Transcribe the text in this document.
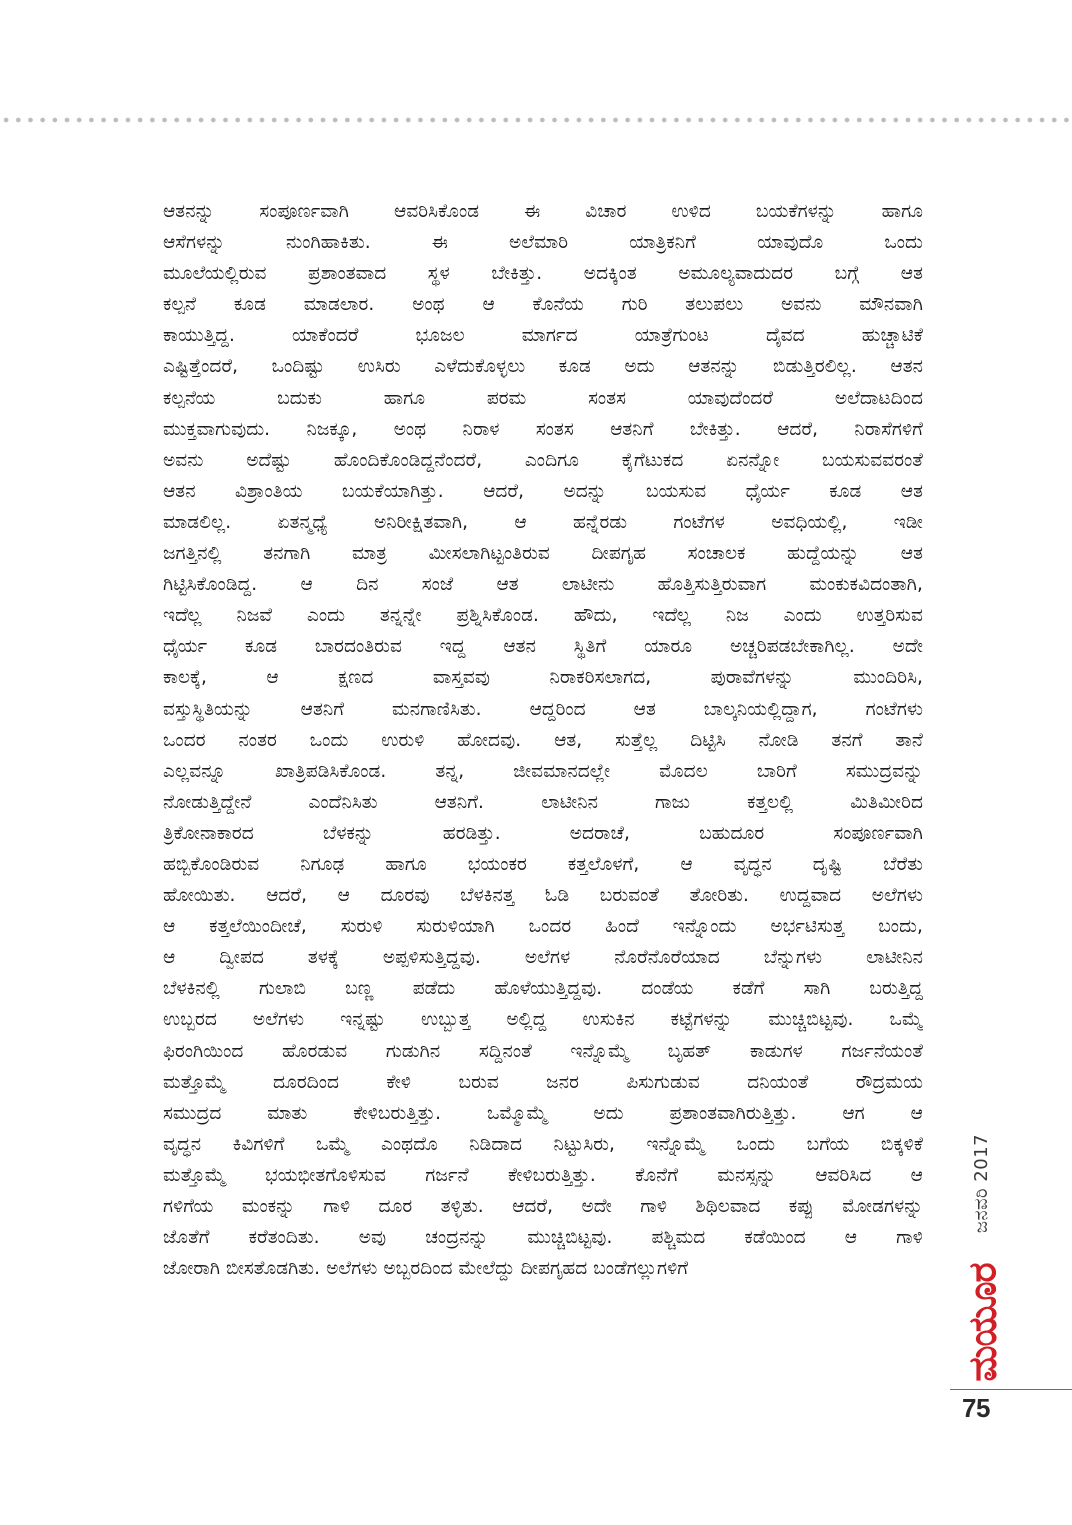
ಆತನನ್ನು ಸಂಪೂರ್ಣವಾಗಿ ಆವರಿಸಿಕೊಂಡ ಈ ವಿಚಾರ ಉಳಿದ ಬಯಕೆಗಳನ್ನು ಹಾಗೂ
ಆಸೆಗಳನ್ನು ನುಂಗಿಹಾಕಿತು. ಈ ಅಲೆಮಾರಿ ಯಾತ್ರಿಕನಿಗೆ ಯಾವುದೊ ಒಂದು
ಮೂಲೆಯಲ್ಲಿರುವ ಪ್ರಶಾಂತವಾದ ಸ್ಥಳ ಬೇಕಿತ್ತು. ಅದಕ್ಕಿಂತ ಅಮೂಲ್ಯವಾದುದರ ಬಗ್ಗೆ ಆತ
ಕಲ್ಪನೆ ಕೂಡ ಮಾಡಲಾರ. ಅಂಥ ಆ ಕೊನೆಯ ಗುರಿ ತಲುಪಲು ಅವನು ಮೌನವಾಗಿ
ಕಾಯುತ್ತಿದ್ದ. ಯಾಕೆಂದರೆ ಭೂಜಲ ಮಾರ್ಗದ ಯಾತ್ರೆಗುಂಟ ದೈವದ ಹುಚ್ಚಾಟಿಕೆ
ಎಷ್ಟಿತ್ತೆಂದರೆ, ಒಂದಿಷ್ಟು ಉಸಿರು ಎಳೆದುಕೊಳ್ಳಲು ಕೂಡ ಅದು ಆತನನ್ನು ಬಿಡುತ್ತಿರಲಿಲ್ಲ. ಆತನ
ಕಲ್ಪನೆಯ ಬದುಕು ಹಾಗೂ ಪರಮ ಸಂತಸ ಯಾವುದೆಂದರೆ ಅಲೆದಾಟದಿಂದ
ಮುಕ್ತವಾಗುವುದು. ನಿಜಕ್ಕೂ, ಅಂಥ ನಿರಾಳ ಸಂತಸ ಆತನಿಗೆ ಬೇಕಿತ್ತು. ಆದರೆ, ನಿರಾಸೆಗಳಿಗೆ
ಅವನು ಅದೆಷ್ಟು ಹೊಂದಿಕೊಂಡಿದ್ದನೆಂದರೆ, ಎಂದಿಗೂ ಕೈಗೆಟುಕದ ಏನನ್ನೋ ಬಯಸುವವರಂತೆ
ಆತನ ವಿಶ್ರಾಂತಿಯ ಬಯಕೆಯಾಗಿತ್ತು. ಆದರೆ, ಅದನ್ನು ಬಯಸುವ ಧೈರ್ಯ ಕೂಡ ಆತ
ಮಾಡಲಿಲ್ಲ. ಏತನ್ಮಧ್ಯೆ ಅನಿರೀಕ್ಷಿತವಾಗಿ, ಆ ಹನ್ನೆರಡು ಗಂಟೆಗಳ ಅವಧಿಯಲ್ಲಿ, ಇಡೀ
ಜಗತ್ತಿನಲ್ಲಿ ತನಗಾಗಿ ಮಾತ್ರ ಮೀಸಲಾಗಿಟ್ಟಂತಿರುವ ದೀಪಗೃಹ ಸಂಚಾಲಕ ಹುದ್ದೆಯನ್ನು ಆತ
ಗಿಟ್ಟಿಸಿಕೊಂಡಿದ್ದ. ಆ ದಿನ ಸಂಜೆ ಆತ ಲಾಟೀನು ಹೊತ್ತಿಸುತ್ತಿರುವಾಗ ಮಂಕುಕವಿದಂತಾಗಿ,
ಇದೆಲ್ಲ ನಿಜವೆ ಎಂದು ತನ್ನನ್ನೇ ಪ್ರಶ್ನಿಸಿಕೊಂಡ. ಹೌದು, ಇದೆಲ್ಲ ನಿಜ ಎಂದು ಉತ್ತರಿಸುವ
ಧೈರ್ಯ ಕೂಡ ಬಾರದಂತಿರುವ ಇದ್ದ ಆತನ ಸ್ಥಿತಿಗೆ ಯಾರೂ ಅಚ್ಚರಿಪಡಬೇಕಾಗಿಲ್ಲ. ಅದೇ
ಕಾಲಕ್ಕೆ, ಆ ಕ್ಷಣದ ವಾಸ್ತವವು ನಿರಾಕರಿಸಲಾಗದ, ಪುರಾವೆಗಳನ್ನು ಮುಂದಿರಿಸಿ,
ವಸ್ತುಸ್ಥಿತಿಯನ್ನು ಆತನಿಗೆ ಮನಗಾಣಿಸಿತು. ಆದ್ದರಿಂದ ಆತ ಬಾಲ್ಕನಿಯಲ್ಲಿದ್ದಾಗ, ಗಂಟೆಗಳು
ಒಂದರ ನಂತರ ಒಂದು ಉರುಳಿ ಹೋದವು. ಆತ, ಸುತ್ತೆಲ್ಲ ದಿಟ್ಟಿಸಿ ನೋಡಿ ತನಗೆ ತಾನೆ
ಎಲ್ಲವನ್ನೂ ಖಾತ್ರಿಪಡಿಸಿಕೊಂಡ. ತನ್ನ, ಜೀವಮಾನದಲ್ಲೇ ಮೊದಲ ಬಾರಿಗೆ ಸಮುದ್ರವನ್ನು
ನೋಡುತ್ತಿದ್ದೇನೆ ಎಂದೆನಿಸಿತು ಆತನಿಗೆ. ಲಾಟೀನಿನ ಗಾಜು ಕತ್ತಲಲ್ಲಿ ಮಿತಿಮೀರಿದ
ತ್ರಿಕೋನಾಕಾರದ ಬೆಳಕನ್ನು ಹರಡಿತ್ತು. ಅದರಾಚೆ, ಬಹುದೂರ ಸಂಪೂರ್ಣವಾಗಿ
ಹಬ್ಬಿಕೊಂಡಿರುವ ನಿಗೂಢ ಹಾಗೂ ಭಯಂಕರ ಕತ್ತಲೊಳಗೆ, ಆ ವೃದ್ಧನ ದೃಷ್ಟಿ ಬೆರೆತು
ಹೋಯಿತು. ಆದರೆ, ಆ ದೂರವು ಬೆಳಕಿನತ್ತ ಓಡಿ ಬರುವಂತೆ ತೋರಿತು. ಉದ್ದವಾದ ಅಲೆಗಳು
ಆ ಕತ್ತಲೆಯಿಂದೀಚೆ, ಸುರುಳಿ ಸುರುಳಿಯಾಗಿ ಒಂದರ ಹಿಂದೆ ಇನ್ನೊಂದು ಅರ್ಭಟಿಸುತ್ತ ಬಂದು,
ಆ ದ್ವೀಪದ ತಳಕ್ಕೆ ಅಪ್ಪಳಿಸುತ್ತಿದ್ದವು. ಅಲೆಗಳ ನೊರೆನೊರೆಯಾದ ಬೆನ್ನುಗಳು ಲಾಟೀನಿನ
ಬೆಳಕಿನಲ್ಲಿ ಗುಲಾಬಿ ಬಣ್ಣ ಪಡೆದು ಹೊಳೆಯುತ್ತಿದ್ದವು. ದಂಡೆಯ ಕಡೆಗೆ ಸಾಗಿ ಬರುತ್ತಿದ್ದ
ಉಬ್ಬರದ ಅಲೆಗಳು ಇನ್ನಷ್ಟು ಉಬ್ಬುತ್ತ ಅಲ್ಲಿದ್ದ ಉಸುಕಿನ ಕಟ್ಟೆಗಳನ್ನು ಮುಚ್ಚಿಬಿಟ್ಟವು. ಒಮ್ಮೆ
ಫಿರಂಗಿಯಿಂದ ಹೊರಡುವ ಗುಡುಗಿನ ಸದ್ದಿನಂತೆ ಇನ್ನೊಮ್ಮೆ ಬೃಹತ್ ಕಾಡುಗಳ ಗರ್ಜನೆಯಂತೆ
ಮತ್ತೊಮ್ಮೆ ದೂರದಿಂದ ಕೇಳಿ ಬರುವ ಜನರ ಪಿಸುಗುಡುವ ದನಿಯಂತೆ ರೌದ್ರಮಯ
ಸಮುದ್ರದ ಮಾತು ಕೇಳಿಬರುತ್ತಿತ್ತು. ಒಮ್ಮೊಮ್ಮೆ ಅದು ಪ್ರಶಾಂತವಾಗಿರುತ್ತಿತ್ತು. ಆಗ ಆ
ವೃದ್ಧನ ಕಿವಿಗಳಿಗೆ ಒಮ್ಮೆ ಎಂಥದೊ ನಿಡಿದಾದ ನಿಟ್ಟುಸಿರು, ಇನ್ನೊಮ್ಮೆ ಒಂದು ಬಗೆಯ ಬಿಕ್ಕಳಿಕೆ
ಮತ್ತೊಮ್ಮೆ ಭಯಭೀತಗೊಳಿಸುವ ಗರ್ಜನೆ ಕೇಳಿಬರುತ್ತಿತ್ತು. ಕೊನೆಗೆ ಮನಸ್ಸನ್ನು ಆವರಿಸಿದ ಆ
ಗಳಿಗೆಯ ಮಂಕನ್ನು ಗಾಳಿ ದೂರ ತಳ್ಳಿತು. ಆದರೆ, ಅದೇ ಗಾಳಿ ಶಿಥಿಲವಾದ ಕಪ್ಪು ಮೋಡಗಳನ್ನು
ಜೊತೆಗೆ ಕರೆತಂದಿತು. ಅವು ಚಂದ್ರನನ್ನು ಮುಚ್ಚಿಬಿಟ್ಟವು. ಪಶ್ಚಿಮದ ಕಡೆಯಿಂದ ಆ ಗಾಳಿ
ಜೋರಾಗಿ ಬೀಸತೊಡಗಿತು. ಅಲೆಗಳು ಅಬ್ಬರದಿಂದ ಮೇಲೆದ್ದು ದೀಪಗೃಹದ ಬಂಡೆಗಲ್ಲುಗಳಿಗೆ
ಜನವರಿ 2017
ಮಯೂರ
75
